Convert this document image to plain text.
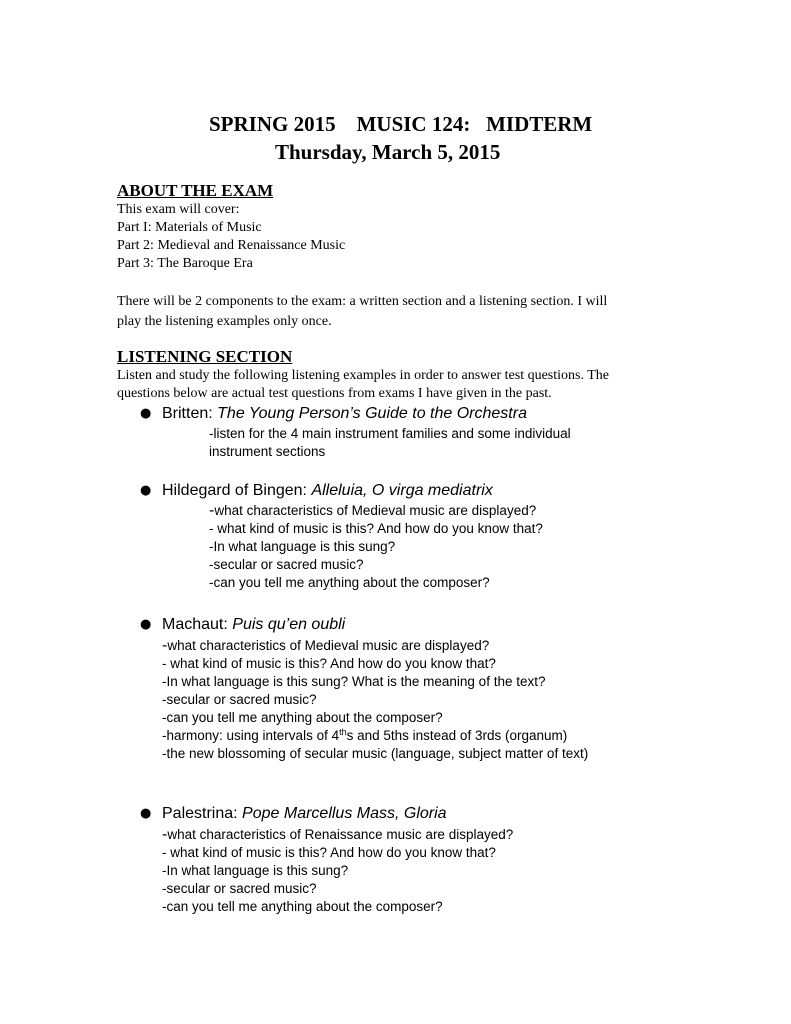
SPRING 2015    MUSIC 124:   MIDTERM
Thursday, March 5, 2015
ABOUT THE EXAM
This exam will cover:
Part I: Materials of Music
Part 2: Medieval and Renaissance Music
Part 3: The Baroque Era
There will be 2 components to the exam: a written section and a listening section. I will
play the listening examples only once.
LISTENING SECTION
Listen and study the following listening examples in order to answer test questions. The
questions below are actual test questions from exams I have given in the past.
● Britten: The Young Person’s Guide to the Orchestra
-listen for the 4 main instrument families and some individual
instrument sections
● Hildegard of Bingen: Alleluia, O virga mediatrix
-what characteristics of Medieval music are displayed?
- what kind of music is this? And how do you know that?
-In what language is this sung?
-secular or sacred music?
-can you tell me anything about the composer?
● Machaut: Puis qu’en oubli
-what characteristics of Medieval music are displayed?
- what kind of music is this? And how do you know that?
-In what language is this sung? What is the meaning of the text?
-secular or sacred music?
-can you tell me anything about the composer?
-harmony: using intervals of 4ths and 5ths instead of 3rds (organum)
-the new blossoming of secular music (language, subject matter of text)
● Palestrina: Pope Marcellus Mass, Gloria
-what characteristics of Renaissance music are displayed?
- what kind of music is this? And how do you know that?
-In what language is this sung?
-secular or sacred music?
-can you tell me anything about the composer?
